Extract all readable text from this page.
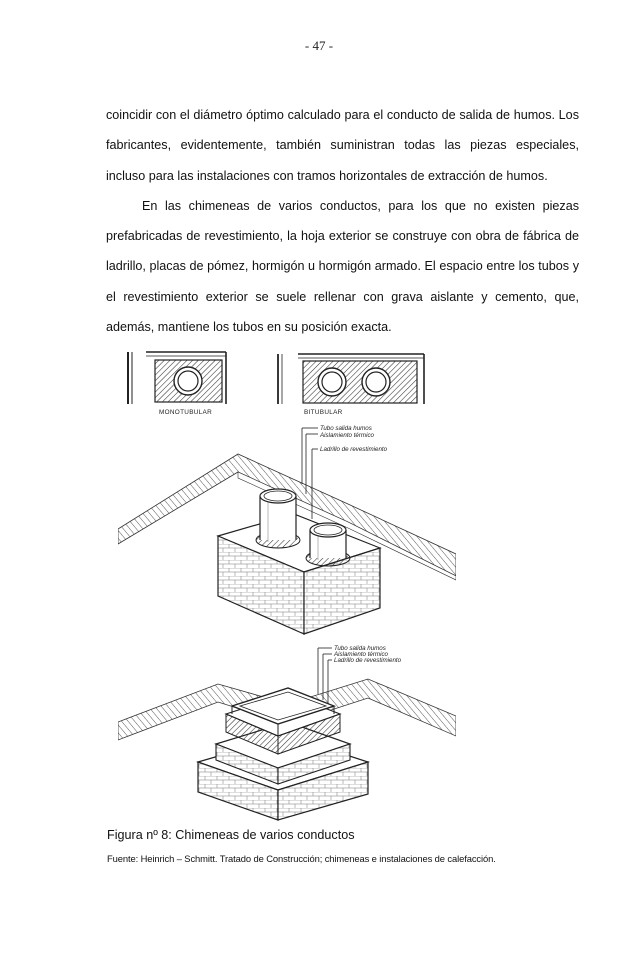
- 47 -

coincidir con el diámetro óptimo calculado para el conducto de salida de humos. Los fabricantes, evidentemente, también suministran todas las piezas especiales, incluso para las instalaciones con tramos horizontales de extracción de humos.

En las chimeneas de varios conductos, para los que no existen piezas prefabricadas de revestimiento, la hoja exterior se construye con obra de fábrica de ladrillo, placas de pómez, hormigón u hormigón armado. El espacio entre los tubos y el revestimiento exterior se suele rellenar con grava aislante y cemento, que, además, mantiene los tubos en su posición exacta.

MONOTUBULAR	BITUBULAR
Tubo salida humos
Aislamiento térmico
Ladrillo de revestimiento
Tubo salida humos
Aislamiento térmico
Ladrillo de revestimiento
Figura nº 8: Chimeneas de varios conductos
Fuente: Heinrich – Schmitt. Tratado de Construcción; chimeneas e instalaciones de calefacción.
